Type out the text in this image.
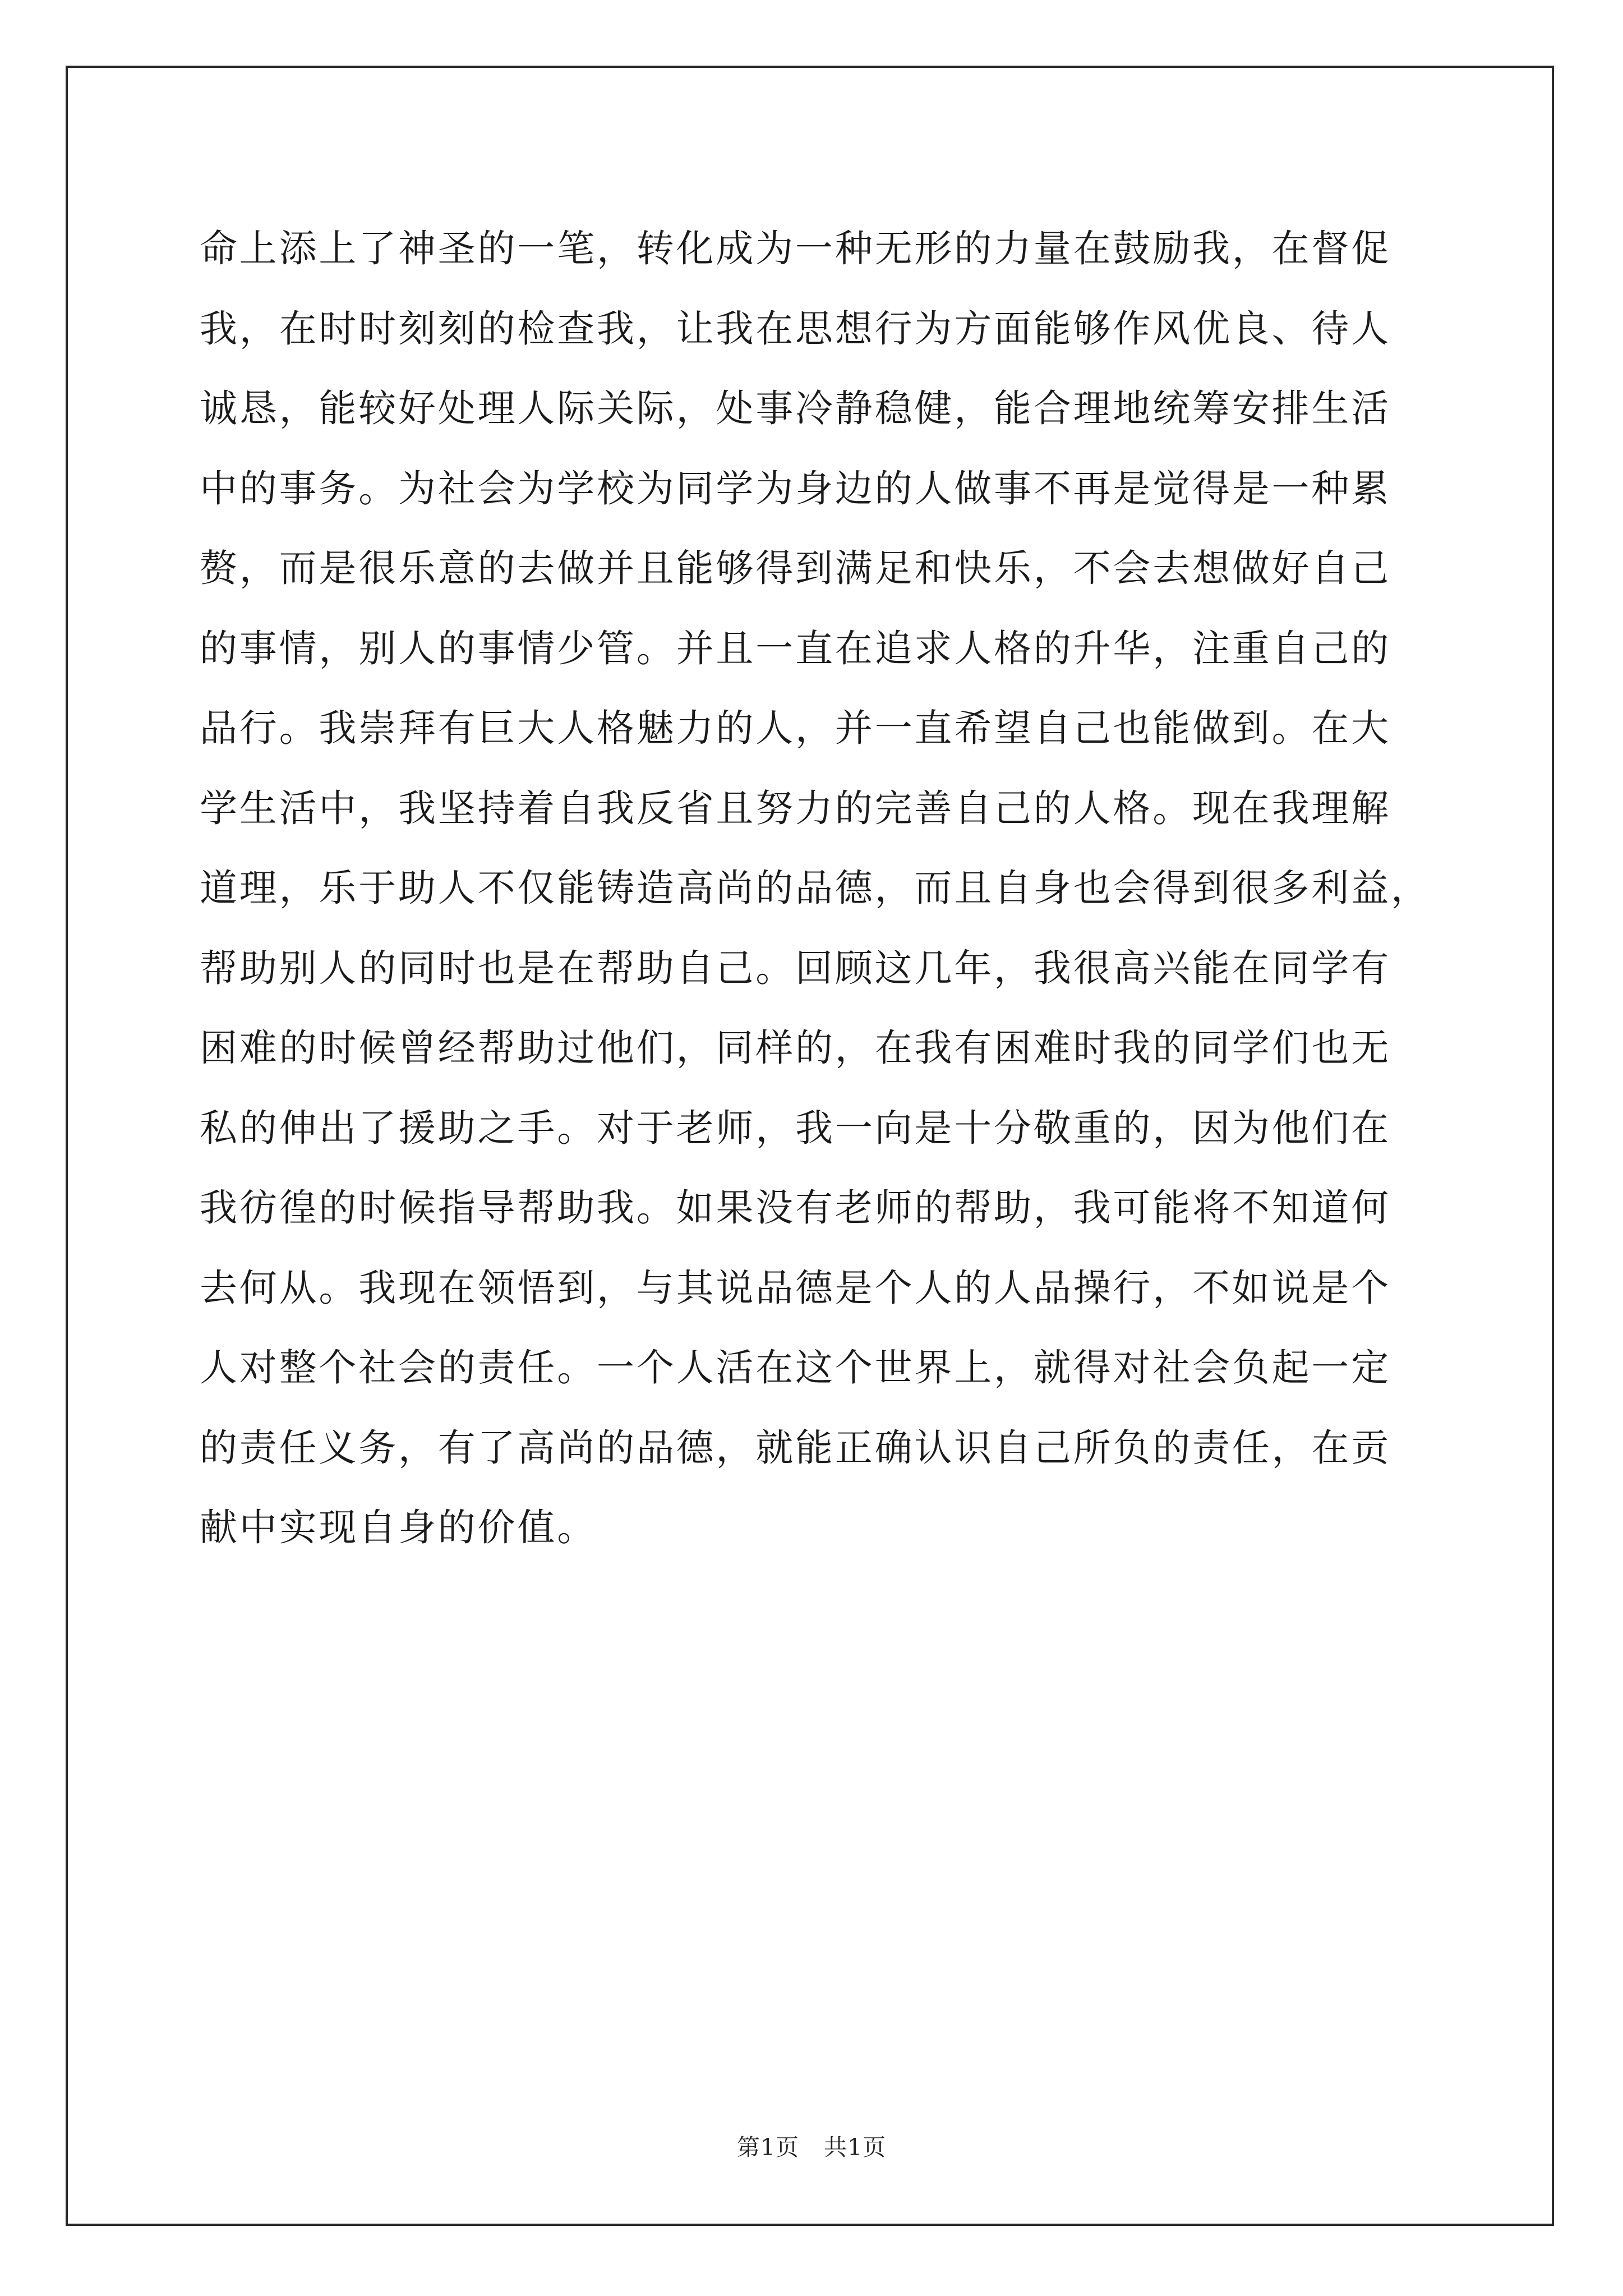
命上添上了神圣的一笔，转化成为一种无形的力量在鼓励我，在督促
我，在时时刻刻的检查我，让我在思想行为方面能够作风优良、待人
诚恳，能较好处理人际关际，处事冷静稳健，能合理地统筹安排生活
中的事务。为社会为学校为同学为身边的人做事不再是觉得是一种累
赘，而是很乐意的去做并且能够得到满足和快乐，不会去想做好自己
的事情，别人的事情少管。并且一直在追求人格的升华，注重自己的
品行。我崇拜有巨大人格魅力的人，并一直希望自己也能做到。在大
学生活中，我坚持着自我反省且努力的完善自己的人格。现在我理解
道理，乐于助人不仅能铸造高尚的品德，而且自身也会得到很多利益，
帮助别人的同时也是在帮助自己。回顾这几年，我很高兴能在同学有
困难的时候曾经帮助过他们，同样的，在我有困难时我的同学们也无
私的伸出了援助之手。对于老师，我一向是十分敬重的，因为他们在
我彷徨的时候指导帮助我。如果没有老师的帮助，我可能将不知道何
去何从。我现在领悟到，与其说品德是个人的人品操行，不如说是个
人对整个社会的责任。一个人活在这个世界上，就得对社会负起一定
的责任义务，有了高尚的品德，就能正确认识自己所负的责任，在贡
献中实现自身的价值。
第1页 共1页
